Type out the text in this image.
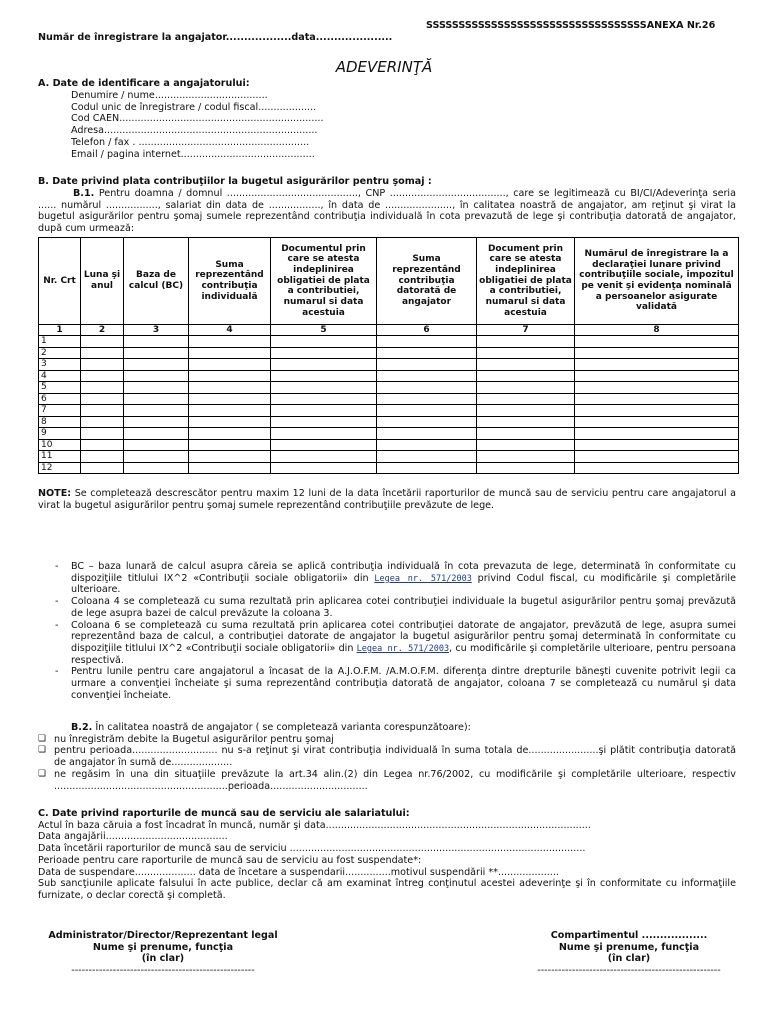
SSSSSSSSSSSSSSSSSSSSSSSSSSSSSSSSSSANEXA Nr.26
Număr de înregistrare la angajator..................data.....................
ADEVERINŢĂ
A. Date de identificare a angajatorului:
Denumire / nume.....................................
Codul unic de înregistrare / codul fiscal...................
Cod CAEN...................................................................
Adresa......................................................................
Telefon / fax . ........................................................
Email / pagina internet............................................
B. Date privind plata contribuţiilor la bugetul asigurărilor pentru şomaj :
B.1. Pentru doamna / domnul ..........................................., CNP ......................................, care se legitimează cu BI/CI/Adeverinţa seria ...... numărul ................., salariat din data de ................., în data de ......................, în calitatea noastră de angajator, am reţinut şi virat la bugetul asigurărilor pentru şomaj sumele reprezentând contribuţia individuală în cota prevazută de lege şi contribuţia datorată de angajator, după cum urmează:
Nr. Crt	Luna şi anul	Baza de calcul (BC)	Suma reprezentând contribuţia individuală	Documentul prin care se atesta indeplinirea obligatiei de plata a contributiei, numarul si data acestuia	Suma reprezentând contribuţia datorată de angajator	Document prin care se atesta indeplinirea obligatiei de plata a contributiei, numarul si data acestuia	Numărul de înregistrare la a declaraţiei lunare privind contribuţiile sociale, impozitul pe venit şi evidenţa nominală a persoanelor asigurate validată
1	2	3	4	5	6	7	8
1							
2							
3							
4							
5							
6							
7							
8							
9							
10							
11							
12							
NOTE: Se completează descrescător pentru maxim 12 luni de la data încetării raporturilor de muncă sau de serviciu pentru care angajatorul a virat la bugetul asigurărilor pentru şomaj sumele reprezentând contribuţiile prevăzute de lege.
- BC – baza lunară de calcul asupra căreia se aplică contribuţia individuală în cota prevazuta de lege, determinată în conformitate cu dispoziţiile titlului IX^2 «Contribuţii sociale obligatorii» din Legea nr. 571/2003 privind Codul fiscal, cu modificările şi completările ulterioare.
- Coloana 4 se completează cu suma rezultată prin aplicarea cotei contribuţiei individuale la bugetul asigurărilor pentru şomaj prevăzută de lege asupra bazei de calcul prevăzute la coloana 3.
- Coloana 6 se completează cu suma rezultată prin aplicarea cotei contribuţiei datorate de angajator, prevăzută de lege, asupra sumei reprezentând baza de calcul, a contribuţiei datorate de angajator la bugetul asigurărilor pentru şomaj determinată în conformitate cu dispoziţiile titlului IX^2 «Contribuţii sociale obligatorii» din Legea nr. 571/2003, cu modificările şi completările ulterioare, pentru persoana respectivă.
- Pentru lunile pentru care angajatorul a încasat de la A.J.O.F.M. /A.M.O.F.M. diferenţa dintre drepturile băneşti cuvenite potrivit legii ca urmare a convenţiei încheiate şi suma reprezentând contribuţia datorată de angajator, coloana 7 se completează cu numărul şi data convenţiei încheiate.
B.2. În calitatea noastră de angajator ( se completează varianta corespunzătoare):
❏ nu înregistrăm debite la Bugetul asigurărilor pentru şomaj
❏ pentru perioada............................ nu s-a reţinut şi virat contribuţia individuală în suma totala de.......................şi plătit contribuţia datorată de angajator în sumă de....................
❏ ne regăsim în una din situaţiile prevăzute la art.34 alin.(2) din Legea nr.76/2002, cu modificările şi completările ulterioare, respectiv .........................................................perioada................................
C. Date privind raporturile de muncă sau de serviciu ale salariatului:
Actul în baza căruia a fost încadrat în muncă, număr şi data.......................................................................................
Data angajării........................................
Data încetării raporturilor de muncă sau de serviciu .................................................................................................
Perioade pentru care raporturile de muncă sau de serviciu au fost suspendate*:
Data de suspendare.................... data de încetare a suspendarii...............motivul suspendării **....................
Sub sancţiunile aplicate falsului în acte publice, declar că am examinat întreg conţinutul acestei adeverinţe şi în conformitate cu informaţiile furnizate, o declar corectă şi completă.
Administrator/Director/Reprezentant legal
Nume şi prenume, funcţia
(în clar)
-----------------------------------------------------
Compartimentul ..................
Nume şi prenume, funcţia
(în clar)
-----------------------------------------------------
